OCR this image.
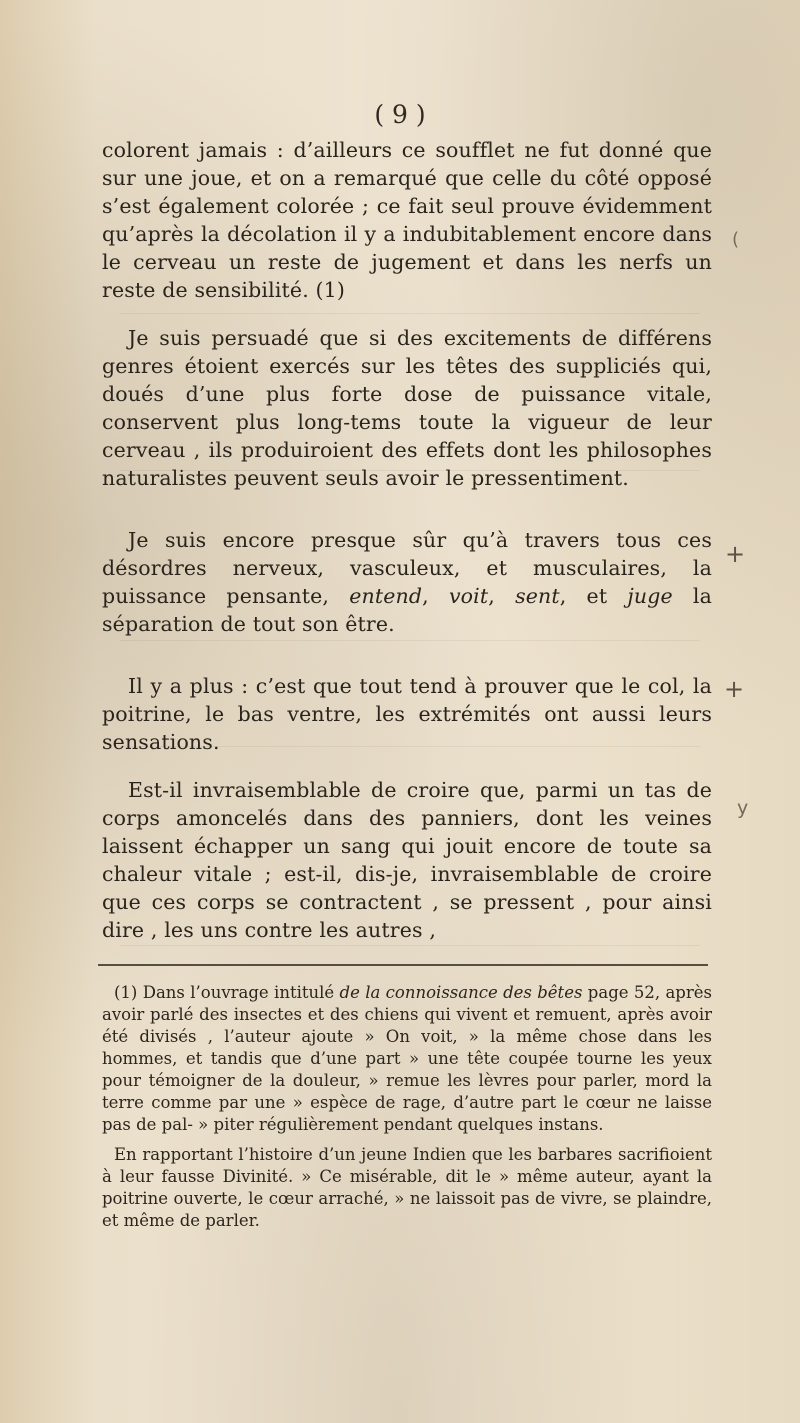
( 9 )

colorent jamais : d’ailleurs ce soufflet ne fut donné que sur une joue, et on a remarqué que celle du côté opposé s’est également colorée ; ce fait seul prouve évidemment qu’après la décolation il y a indubitablement encore dans le cerveau un reste de jugement et dans les nerfs un reste de sensibilité. (1)

Je suis persuadé que si des excitements de différens genres étoient exercés sur les têtes des suppliciés qui, doués d’une plus forte dose de puissance vitale, conservent plus long-tems toute la vigueur de leur cerveau , ils produiroient des effets dont les philosophes naturalistes peuvent seuls avoir le pressentiment.

Je suis encore presque sûr qu’à travers tous ces désordres nerveux, vasculeux, et musculaires, la puissance pensante, entend, voit, sent, et juge la séparation de tout son être.

Il y a plus : c’est que tout tend à prouver que le col, la poitrine, le bas ventre, les extrémités ont aussi leurs sensations.

Est-il invraisemblable de croire que, parmi un tas de corps amoncelés dans des panniers, dont les veines laissent échapper un sang qui jouit encore de toute sa chaleur vitale ; est-il, dis-je, invraisemblable de croire que ces corps se contractent , se pressent , pour ainsi dire , les uns contre les autres ,

(1) Dans l’ouvrage intitulé de la connoissance des bêtes page 52, après avoir parlé des insectes et des chiens qui vivent et remuent, après avoir été divisés , l’auteur ajoute » On voit, » la même chose dans les hommes, et tandis que d’une part » une tête coupée tourne les yeux pour témoigner de la douleur, » remue les lèvres pour parler, mord la terre comme par une » espèce de rage, d’autre part le cœur ne laisse pas de pal- » piter régulièrement pendant quelques instans.

En rapportant l’histoire d’un jeune Indien que les barbares sacrifioient à leur fausse Divinité. » Ce misérable, dit le » même auteur, ayant la poitrine ouverte, le cœur arraché, » ne laissoit pas de vivre, se plaindre, et même de parler.

(
+
+
y
